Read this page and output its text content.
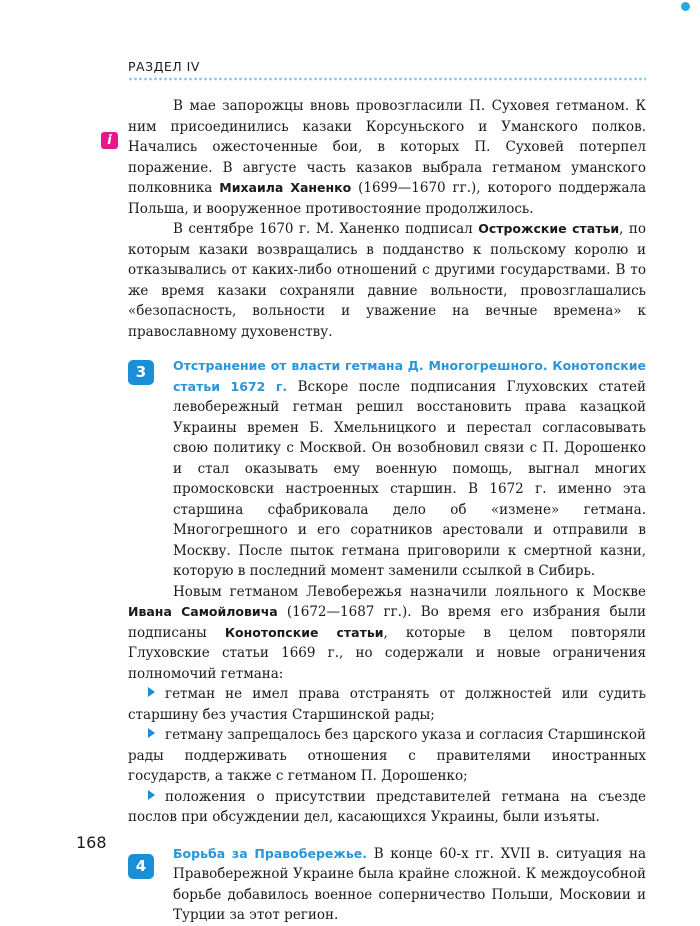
РАЗДЕЛ IV
i

В мае запорожцы вновь провозгласили П. Суховея гетманом. К ним присоединились казаки Корсуньского и Уманского полков. Начались ожесточенные бои, в которых П. Суховей потерпел поражение. В августе часть казаков выбрала гетманом уманского полковника Михаила Ханенко (1699—1670 гг.), которого поддержала Польша, и вооруженное противостояние продолжилось.

В сентябре 1670 г. М. Ханенко подписал Острожские статьи, по которым казаки возвращались в подданство к польскому королю и отказывались от каких-либо отношений с другими государствами. В то же время казаки сохраняли давние вольности, провозглашались «безопасность, вольности и уважение на вечные времена» к православному духовенству.

3	Отстранение от власти гетмана Д. Многогрешного. Конотопские статьи 1672 г. Вскоре после подписания Глуховских статей левобережный гетман решил восстановить права казацкой Украины времен Б. Хмельницкого и перестал согласовывать свою политику с Москвой. Он возобновил связи с П. Дорошенко и стал оказывать ему военную помощь, выгнал многих промосковски настроенных старшин. В 1672 г. именно эта старшина сфабриковала дело об «измене» гетмана. Многогрешного и его соратников арестовали и отправили в Москву. После пыток гетмана приговорили к смертной казни, которую в последний момент заменили ссылкой в Сибирь.

Новым гетманом Левобережья назначили лояльного к Москве Ивана Самойловича (1672—1687 гг.). Во время его избрания были подписаны Конотопские статьи, которые в целом повторяли Глуховские статьи 1669 г., но содержали и новые ограничения полномочий гетмана:

гетман не имел права отстранять от должностей или судить старшину без участия Старшинской рады;

гетману запрещалось без царского указа и согласия Старшинской рады поддерживать отношения с правителями иностранных государств, а также с гетманом П. Дорошенко;

положения о присутствии представителей гетмана на съезде послов при обсуждении дел, касающихся Украины, были изъяты.

4

Борьба за Правобережье. В конце 60-х гг. XVII в. ситуация на Правобережной Украине была крайне сложной. К междоусобной борьбе добавилось военное соперничество Польши, Московии и Турции за этот регион.

168
